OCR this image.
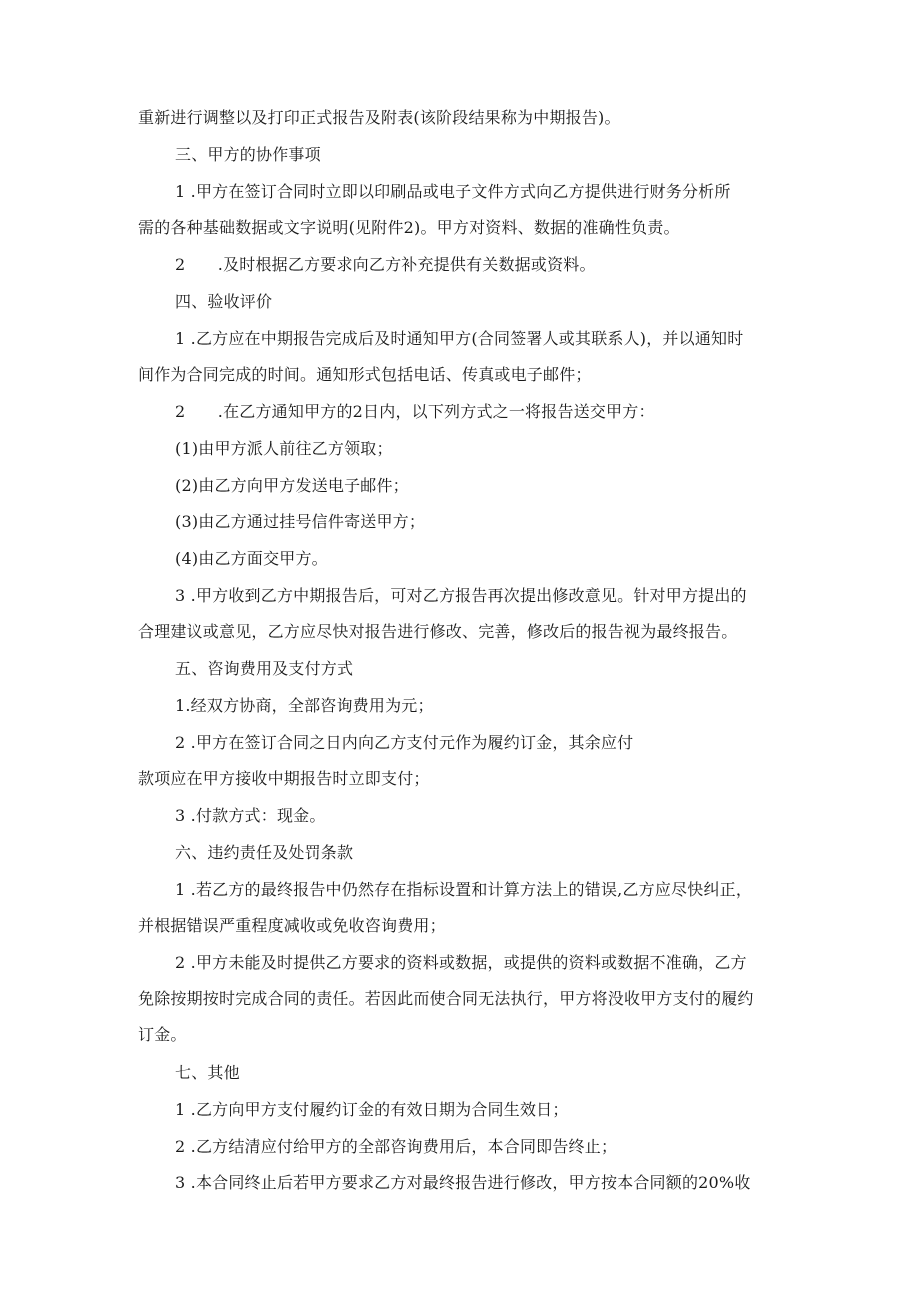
重新进行调整以及打印正式报告及附表(该阶段结果称为中期报告)。

三、甲方的协作事项

1 .甲方在签订合同时立即以印刷品或电子文件方式向乙方提供进行财务分析所

需的各种基础数据或文字说明(见附件2)。甲方对资料、数据的准确性负责。

2　　.及时根据乙方要求向乙方补充提供有关数据或资料。

四、验收评价

1 .乙方应在中期报告完成后及时通知甲方(合同签署人或其联系人)，并以通知时

间作为合同完成的时间。通知形式包括电话、传真或电子邮件；

2　　.在乙方通知甲方的2日内，以下列方式之一将报告送交甲方：

(1)由甲方派人前往乙方领取；

(2)由乙方向甲方发送电子邮件；

(3)由乙方通过挂号信件寄送甲方；

(4)由乙方面交甲方。

3 .甲方收到乙方中期报告后，可对乙方报告再次提出修改意见。针对甲方提出的

合理建议或意见，乙方应尽快对报告进行修改、完善，修改后的报告视为最终报告。

五、咨询费用及支付方式

1.经双方协商，全部咨询费用为元；

2 .甲方在签订合同之日内向乙方支付元作为履约订金，其余应付

款项应在甲方接收中期报告时立即支付；

3 .付款方式：现金。

六、违约责任及处罚条款

1 .若乙方的最终报告中仍然存在指标设置和计算方法上的错误,乙方应尽快纠正，

并根据错误严重程度减收或免收咨询费用；

2 .甲方未能及时提供乙方要求的资料或数据，或提供的资料或数据不准确，乙方

免除按期按时完成合同的责任。若因此而使合同无法执行，甲方将没收甲方支付的履约

订金。

七、其他

1 .乙方向甲方支付履约订金的有效日期为合同生效日；

2 .乙方结清应付给甲方的全部咨询费用后，本合同即告终止；

3 .本合同终止后若甲方要求乙方对最终报告进行修改，甲方按本合同额的20%收
